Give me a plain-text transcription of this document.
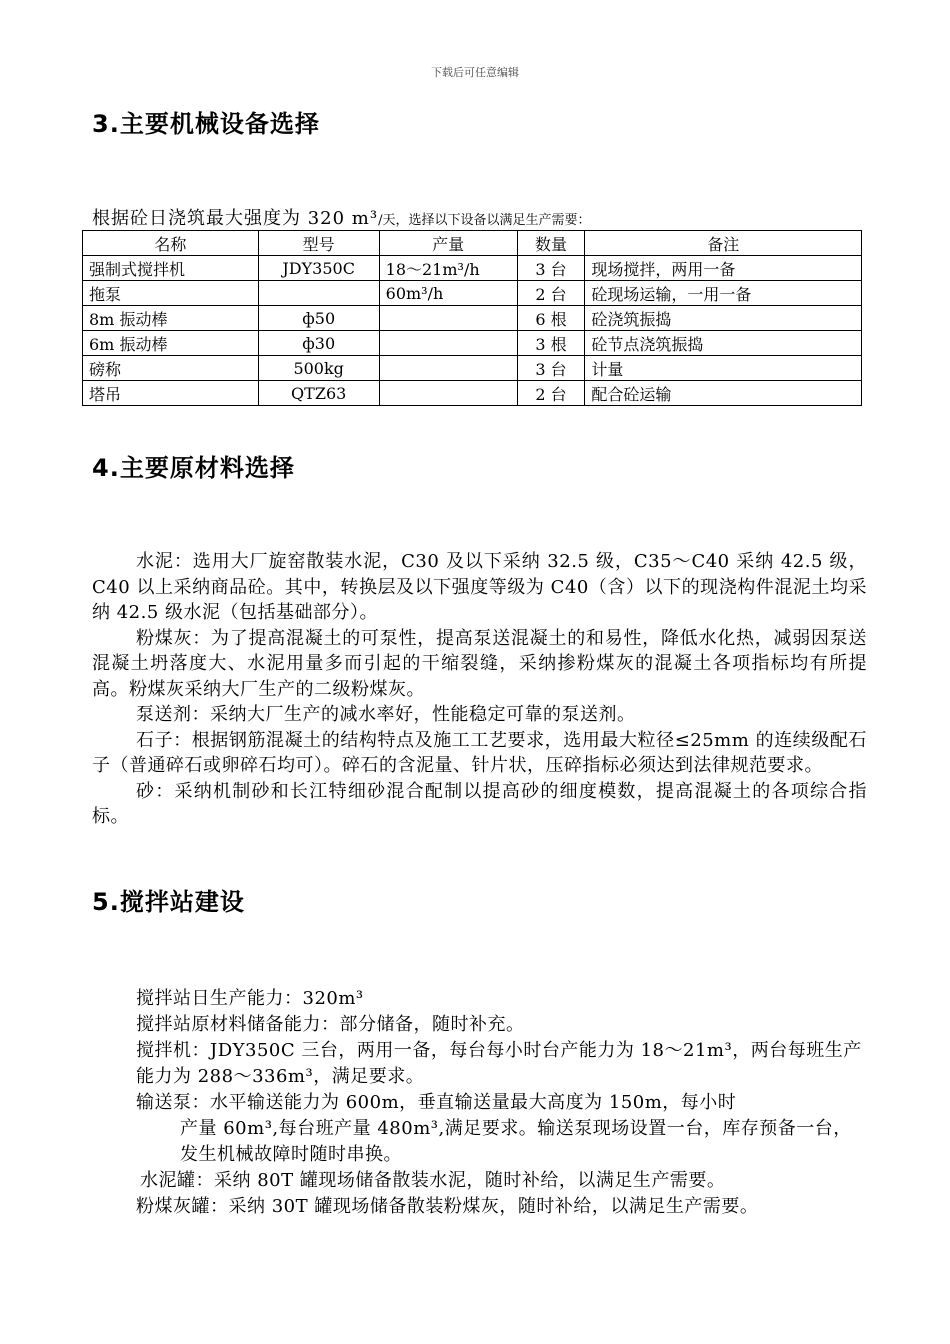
下载后可任意编辑
3.主要机械设备选择
根据砼日浇筑最大强度为 320 m³/天，选择以下设备以满足生产需要：
名称	型号	产量	数量	备注
强制式搅拌机	JDY350C	18～21m³/h	3 台	现场搅拌，两用一备
拖泵		60m³/h	2 台	砼现场运输，一用一备
8m 振动棒	ф50		6 根	砼浇筑振捣
6m 振动棒	ф30		3 根	砼节点浇筑振捣
磅称	500kg		3 台	计量
塔吊	QTZ63		2 台	配合砼运输
4.主要原材料选择

水泥：选用大厂旋窑散装水泥，C30 及以下采纳 32.5 级，C35～C40 采纳 42.5 级，C40 以上采纳商品砼。其中，转换层及以下强度等级为 C40（含）以下的现浇构件混泥土均采纳 42.5 级水泥（包括基础部分）。

粉煤灰：为了提高混凝土的可泵性，提高泵送混凝土的和易性，降低水化热，减弱因泵送混凝土坍落度大、水泥用量多而引起的干缩裂缝，采纳掺粉煤灰的混凝土各项指标均有所提高。粉煤灰采纳大厂生产的二级粉煤灰。

泵送剂：采纳大厂生产的减水率好，性能稳定可靠的泵送剂。

石子：根据钢筋混凝土的结构特点及施工工艺要求，选用最大粒径≤25mm 的连续级配石子（普通碎石或卵碎石均可）。碎石的含泥量、针片状，压碎指标必须达到法律规范要求。

砂：采纳机制砂和长江特细砂混合配制以提高砂的细度模数，提高混凝土的各项综合指标。

5.搅拌站建设

搅拌站日生产能力：320m³

搅拌站原材料储备能力：部分储备，随时补充。

搅拌机：JDY350C 三台，两用一备，每台每小时台产能力为 18～21m³，两台每班生产能力为 288～336m³，满足要求。

输送泵：水平输送能力为 600m，垂直输送量最大高度为 150m，每小时

产量 60m³,每台班产量 480m³,满足要求。输送泵现场设置一台，库存预备一台，发生机械故障时随时串换。

水泥罐：采纳 80T 罐现场储备散装水泥，随时补给，以满足生产需要。

粉煤灰罐：采纳 30T 罐现场储备散装粉煤灰，随时补给，以满足生产需要。
